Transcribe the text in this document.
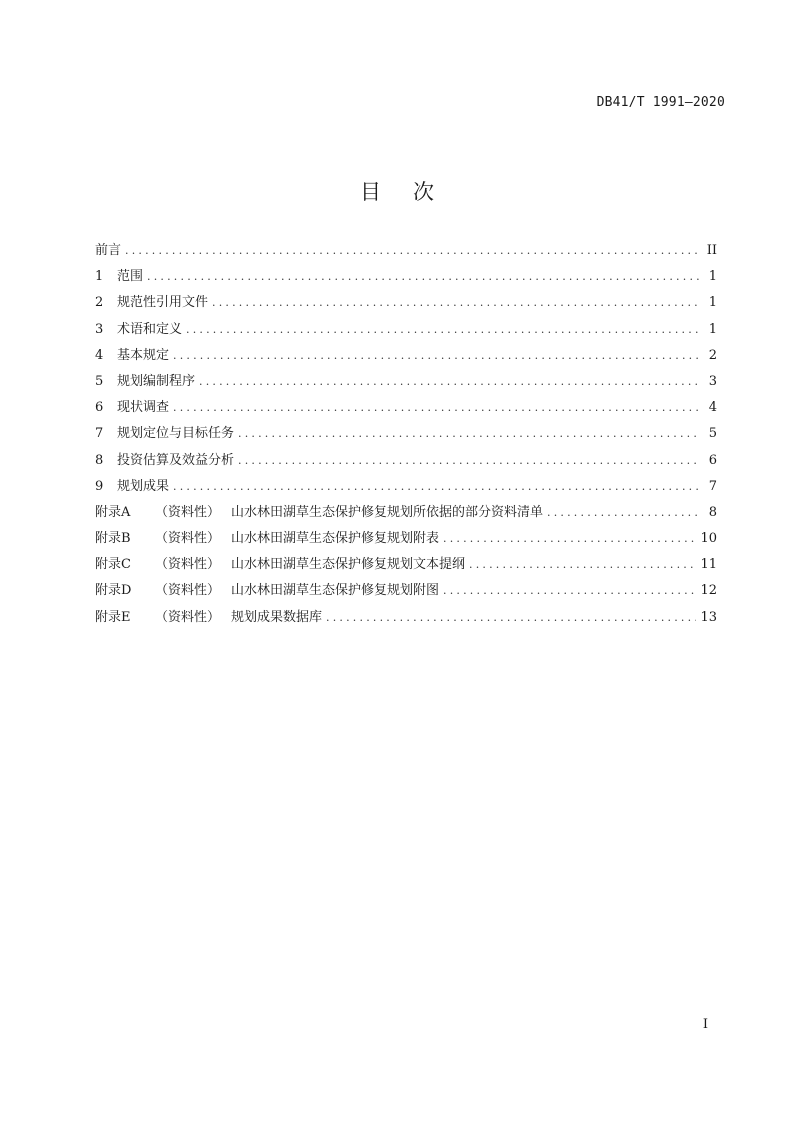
DB41/T 1991—2020
目 次
前言 .....	II
1	范围 .....	1
2	规范性引用文件 .....	1
3	术语和定义 .....	1
4	基本规定 .....	2
5	规划编制程序 .....	3
6	现状调查 .....	4
7	规划定位与目标任务 .....	5
8	投资估算及效益分析 .....	6
9	规划成果 .....	7
附录A	（资料性） 山水林田湖草生态保护修复规划所依据的部分资料清单 .....	8
附录B	（资料性） 山水林田湖草生态保护修复规划附表 .....	10
附录C	（资料性） 山水林田湖草生态保护修复规划文本提纲 .....	11
附录D	（资料性） 山水林田湖草生态保护修复规划附图 .....	12
附录E	（资料性） 规划成果数据库 .....	13
I
